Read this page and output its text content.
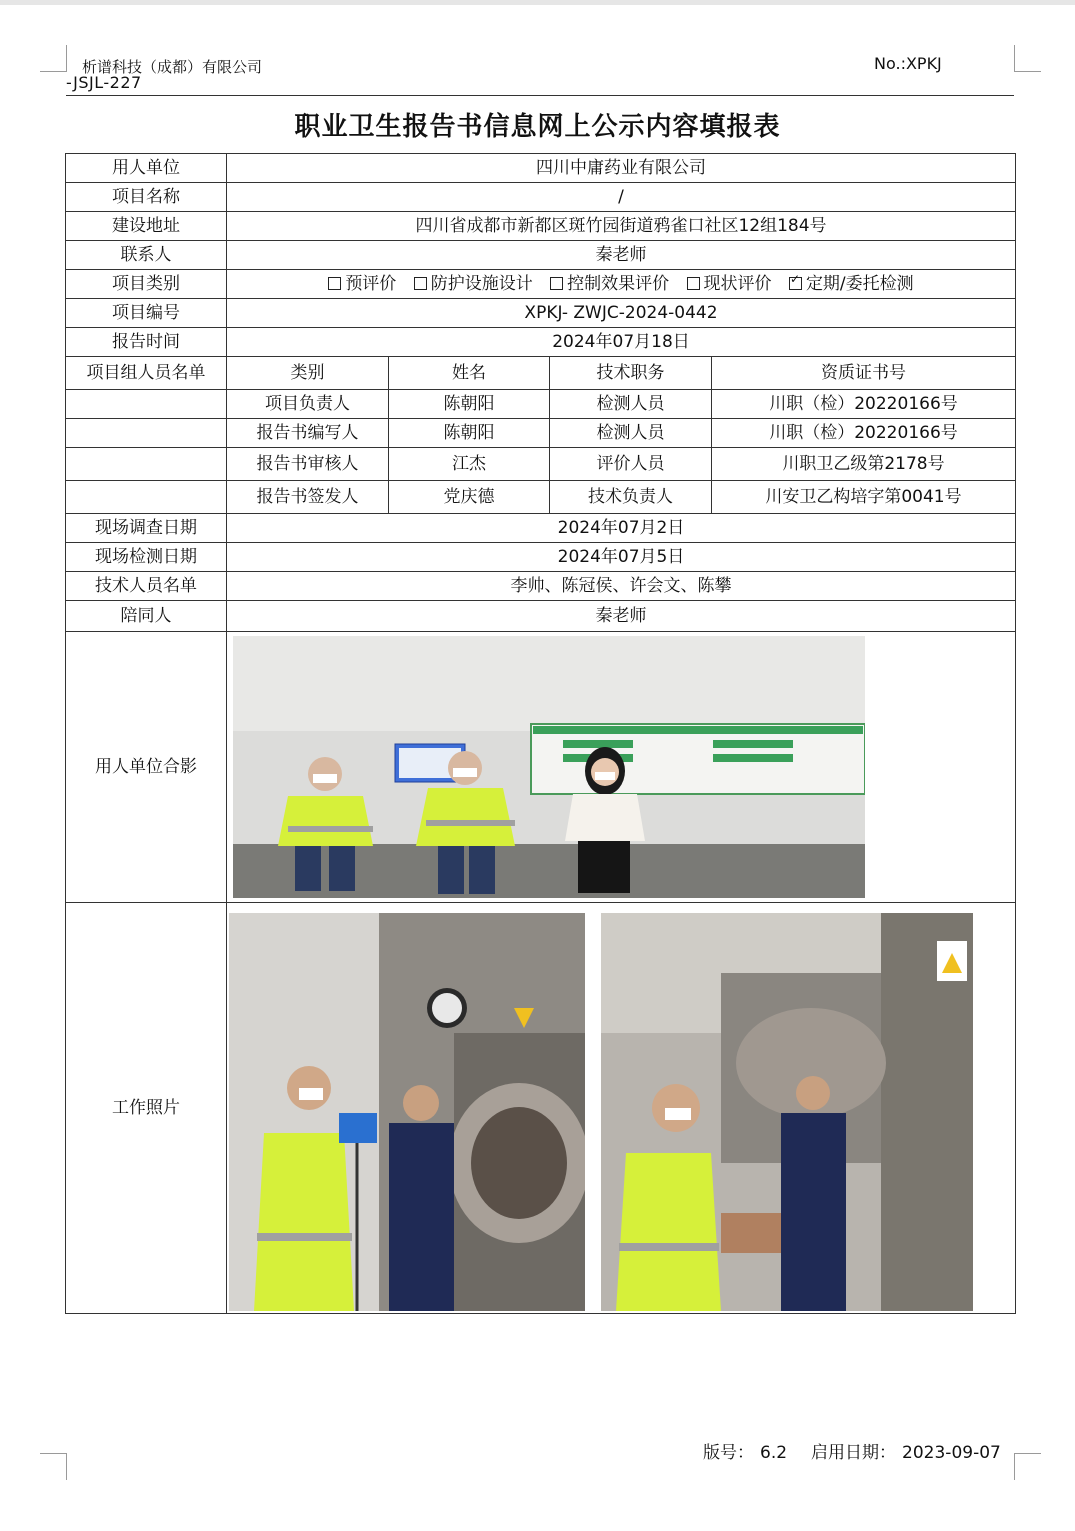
析谱科技（成都）有限公司
-JSJL-227
No.:XPKJ
职业卫生报告书信息网上公示内容填报表
用人单位	四川中庸药业有限公司			
项目名称	/			
建设地址	四川省成都市新都区斑竹园街道鸦雀口社区12组184号			
联系人	秦老师			
项目类别	预评价 防护设施设计 控制效果评价 现状评价 ✓ 定期/委托检测
项目编号	XPKJ- ZWJC-2024-0442			
报告时间	2024年07月18日			
项目组人员名单	类别	姓名	技术职务	资质证书号
	项目负责人	陈朝阳	检测人员	川职（检）20220166号
	报告书编写人	陈朝阳	检测人员	川职（检）20220166号
	报告书审核人	江杰	评价人员	川职卫乙级第2178号
	报告书签发人	党庆德	技术负责人	川安卫乙构培字第0041号
现场调查日期	2024年07月2日			
现场检测日期	2024年07月5日			
技术人员名单	李帅、陈冠侯、许会文、陈攀			
陪同人	秦老师			
用人单位合影	

工作照片	
版号： 6.2 启用日期： 2023-09-07
